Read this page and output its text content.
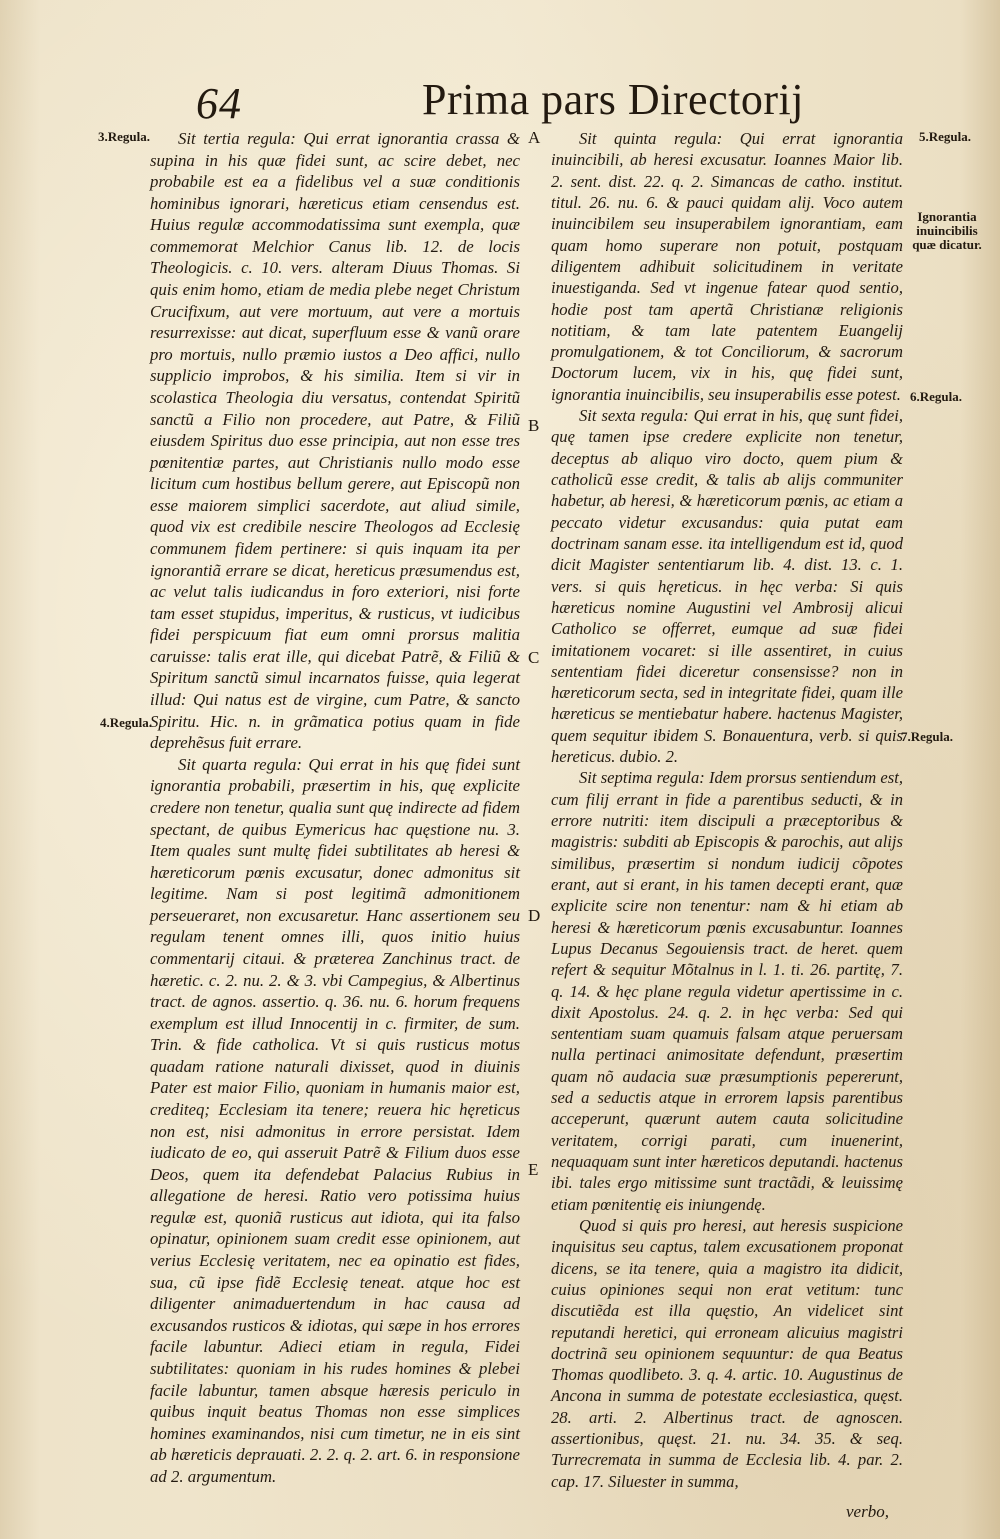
64	Prima pars Directorij
3.Regula.
4.Regula.
5.Regula.
Ignorantia inuincibilis quæ dicatur.
6.Regula.
7.Regula.
A
B
C
D
E

Sit tertia regula: Qui errat ignorantia crassa & supina in his quæ fidei sunt, ac scire debet, nec probabile est ea a fidelibus vel a suæ conditionis hominibus ignorari, hæreticus etiam censendus est. Huius regulæ accommodatissima sunt exempla, quæ commemorat Melchior Canus lib. 12. de locis Theologicis. c. 10. vers. alteram Diuus Thomas. Si quis enim homo, etiam de media plebe neget Christum Crucifixum, aut vere mortuum, aut vere a mortuis resurrexisse: aut dicat, superfluum esse & vanũ orare pro mortuis, nullo præmio iustos a Deo affici, nullo supplicio improbos, & his similia. Item si vir in scolastica Theologia diu versatus, contendat Spiritũ sanctũ a Filio non procedere, aut Patre, & Filiũ eiusdem Spiritus duo esse principia, aut non esse tres pœnitentiæ partes, aut Christianis nullo modo esse licitum cum hostibus bellum gerere, aut Episcopũ non esse maiorem simplici sacerdote, aut aliud simile, quod vix est credibile nescire Theologos ad Ecclesię communem fidem pertinere: si quis inquam ita per ignorantiã errare se dicat, hereticus præsumendus est, ac velut talis iudicandus in foro exteriori, nisi forte tam esset stupidus, imperitus, & rusticus, vt iudicibus fidei perspicuum fiat eum omni prorsus malitia caruisse: talis erat ille, qui dicebat Patrẽ, & Filiũ & Spiritum sanctũ simul incarnatos fuisse, quia legerat illud: Qui natus est de virgine, cum Patre, & sancto Spiritu. Hic. n. in grãmatica potius quam in fide deprehẽsus fuit errare.

Sit quarta regula: Qui errat in his quę fidei sunt ignorantia probabili, præsertim in his, quę explicite credere non tenetur, qualia sunt quę indirecte ad fidem spectant, de quibus Eymericus hac quęstione nu. 3. Item quales sunt multę fidei subtilitates ab heresi & hæreticorum pœnis excusatur, donec admonitus sit legitime. Nam si post legitimã admonitionem perseueraret, non excusaretur. Hanc assertionem seu regulam tenent omnes illi, quos initio huius commentarij citaui. & præterea Zanchinus tract. de hæretic. c. 2. nu. 2. & 3. vbi Campegius, & Albertinus tract. de agnos. assertio. q. 36. nu. 6. horum frequens exemplum est illud Innocentij in c. firmiter, de sum. Trin. & fide catholica. Vt si quis rusticus motus quadam ratione naturali dixisset, quod in diuinis Pater est maior Filio, quoniam in humanis maior est, crediteq; Ecclesiam ita tenere; reuera hic hęreticus non est, nisi admonitus in errore persistat. Idem iudicato de eo, qui asseruit Patrẽ & Filium duos esse Deos, quem ita defendebat Palacius Rubius in allegatione de heresi. Ratio vero potissima huius regulæ est, quoniã rusticus aut idiota, qui ita falso opinatur, opinionem suam credit esse opinionem, aut verius Ecclesię veritatem, nec ea opinatio est fides, sua, cũ ipse fidẽ Ecclesię teneat. atque hoc est diligenter animaduertendum in hac causa ad excusandos rusticos & idiotas, qui sæpe in hos errores facile labuntur. Adieci etiam in regula, Fidei subtilitates: quoniam in his rudes homines & plebei facile labuntur, tamen absque hæresis periculo in quibus inquit beatus Thomas non esse simplices homines examinandos, nisi cum timetur, ne in eis sint ab hæreticis deprauati. 2. 2. q. 2. art. 6. in responsione ad 2. argumentum.

Sit quinta regula: Qui errat ignorantia inuincibili, ab heresi excusatur. Ioannes Maior lib. 2. sent. dist. 22. q. 2. Simancas de catho. institut. titul. 26. nu. 6. & pauci quidam alij. Voco autem inuincibilem seu insuperabilem ignorantiam, eam quam homo superare non potuit, postquam diligentem adhibuit solicitudinem in veritate inuestiganda. Sed vt ingenue fatear quod sentio, hodie post tam apertã Christianæ religionis notitiam, & tam late patentem Euangelij promulgationem, & tot Conciliorum, & sacrorum Doctorum lucem, vix in his, quę fidei sunt, ignorantia inuincibilis, seu insuperabilis esse potest.

Sit sexta regula: Qui errat in his, quę sunt fidei, quę tamen ipse credere explicite non tenetur, deceptus ab aliquo viro docto, quem pium & catholicũ esse credit, & talis ab alijs communiter habetur, ab heresi, & hæreticorum pœnis, ac etiam a peccato videtur excusandus: quia putat eam doctrinam sanam esse. ita intelligendum est id, quod dicit Magister sententiarum lib. 4. dist. 13. c. 1. vers. si quis hęreticus. in hęc verba: Si quis hæreticus nomine Augustini vel Ambrosij alicui Catholico se offerret, eumque ad suæ fidei imitationem vocaret: si ille assentiret, in cuius sententiam fidei diceretur consensisse? non in hæreticorum secta, sed in integritate fidei, quam ille hæreticus se mentiebatur habere. hactenus Magister, quem sequitur ibidem S. Bonauentura, verb. si quis hereticus. dubio. 2.

Sit septima regula: Idem prorsus sentiendum est, cum filij errant in fide a parentibus seducti, & in errore nutriti: item discipuli a præceptoribus & magistris: subditi ab Episcopis & parochis, aut alijs similibus, præsertim si nondum iudicij cõpotes erant, aut si erant, in his tamen decepti erant, quæ explicite scire non tenentur: nam & hi etiam ab heresi & hæreticorum pœnis excusabuntur. Ioannes Lupus Decanus Segouiensis tract. de heret. quem refert & sequitur Mõtalnus in l. 1. ti. 26. partitę, 7. q. 14. & hęc plane regula videtur apertissime in c. dixit Apostolus. 24. q. 2. in hęc verba: Sed qui sententiam suam quamuis falsam atque peruersam nulla pertinaci animositate defendunt, præsertim quam nõ audacia suæ præsumptionis pepererunt, sed a seductis atque in errorem lapsis parentibus acceperunt, quærunt autem cauta solicitudine veritatem, corrigi parati, cum inuenerint, nequaquam sunt inter hæreticos deputandi. hactenus ibi. tales ergo mitissime sunt tractãdi, & leuissimę etiam pœnitentię eis iniungendę.

Quod si quis pro heresi, aut heresis suspicione inquisitus seu captus, talem excusationem proponat dicens, se ita tenere, quia a magistro ita didicit, cuius opiniones sequi non erat vetitum: tunc discutiẽda est illa quęstio, An videlicet sint reputandi heretici, qui erroneam alicuius magistri doctrinã seu opinionem sequuntur: de qua Beatus Thomas quodlibeto. 3. q. 4. artic. 10. Augustinus de Ancona in summa de potestate ecclesiastica, quęst. 28. arti. 2. Albertinus tract. de agnoscen. assertionibus, quęst. 21. nu. 34. 35. & seq. Turrecremata in summa de Ecclesia lib. 4. par. 2. cap. 17. Siluester in summa,

verbo,
